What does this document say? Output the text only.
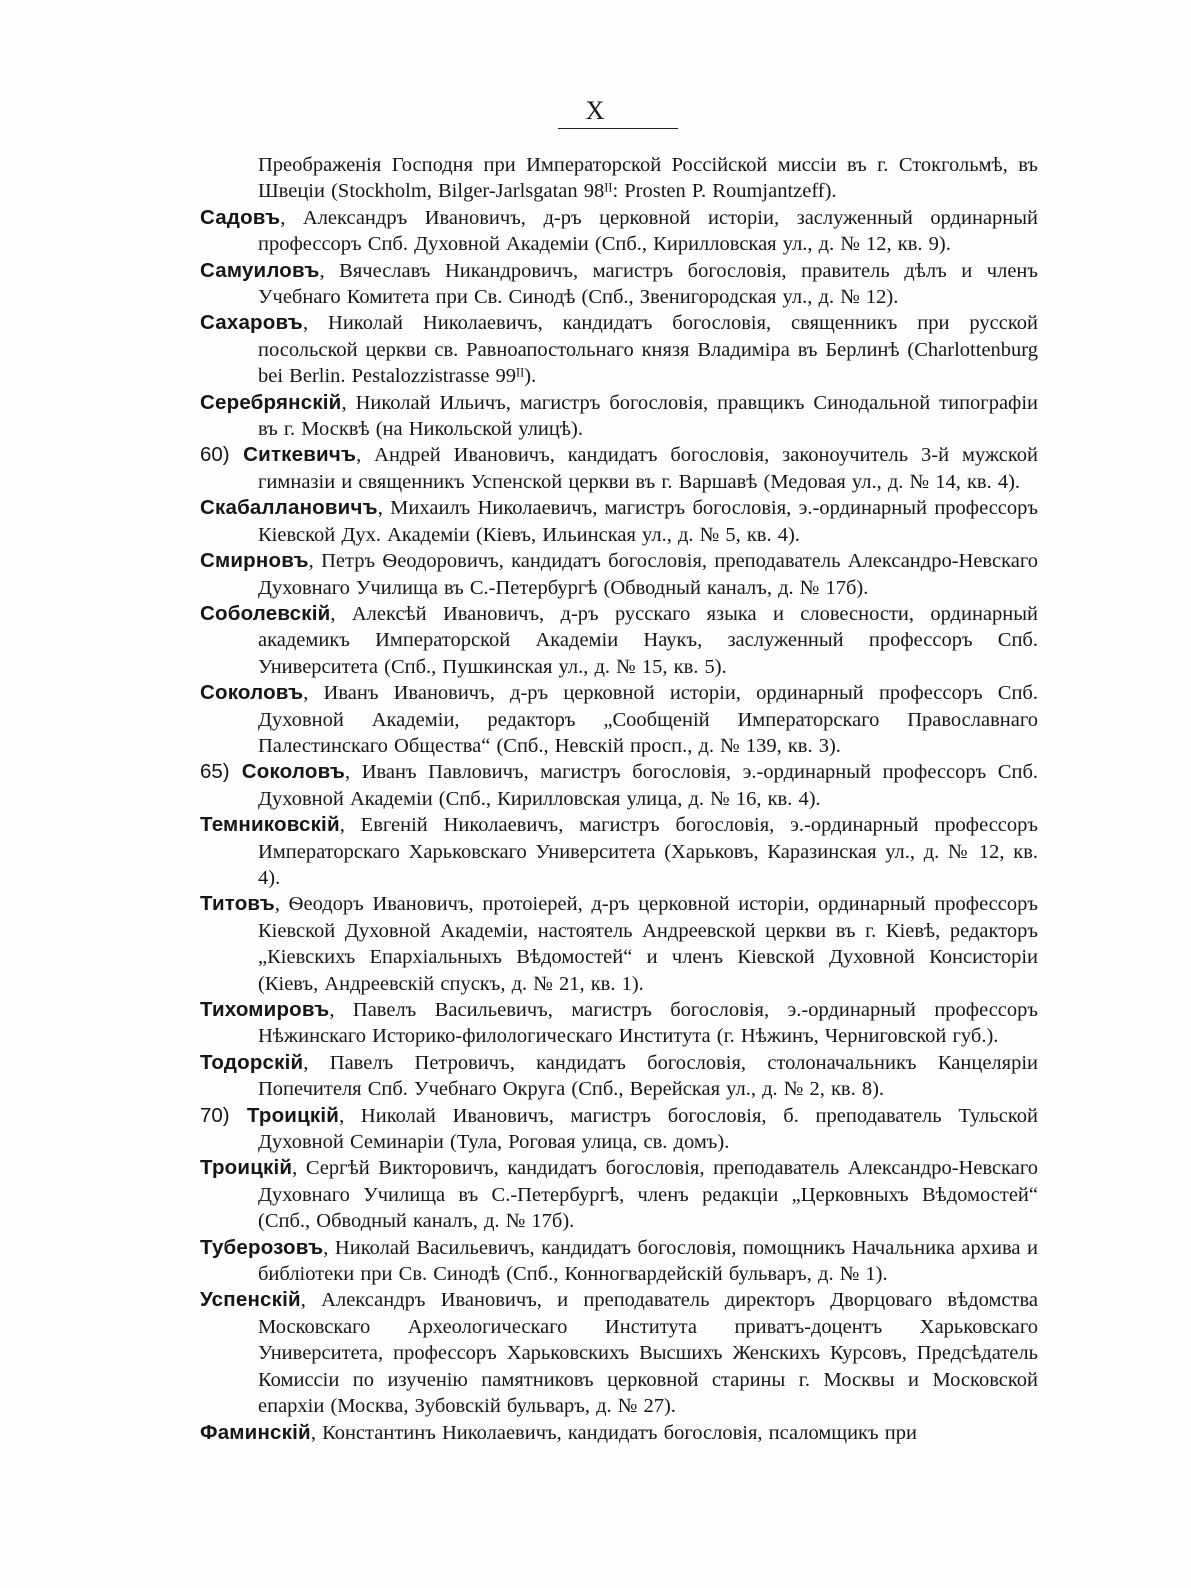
X
Преображенія Господня при Императорской Россійской миссіи въ г. Стокгольмѣ, въ Швеціи (Stockholm, Bilger-Jarlsgatan 98ᴵᴵ: Prosten P. Roumjantzeff).
Садовъ, Александръ Ивановичъ, д-ръ церковной исторіи, заслуженный ординарный профессоръ Спб. Духовной Академіи (Спб., Кирилловская ул., д. № 12, кв. 9).
Самуиловъ, Вячеславъ Никандровичъ, магистръ богословія, правитель дѣлъ и членъ Учебнаго Комитета при Св. Синодѣ (Спб., Звенигородская ул., д. № 12).
Сахаровъ, Николай Николаевичъ, кандидатъ богословія, священникъ при русской посольской церкви св. Равноапостольнаго князя Владиміра въ Берлинѣ (Charlottenburg bei Berlin. Pestalozzistrasse 99ᴵᴵ).
Серебрянскій, Николай Ильичъ, магистръ богословія, правщикъ Синодальной типографіи въ г. Москвѣ (на Никольской улицѣ).
60) Ситкевичъ, Андрей Ивановичъ, кандидатъ богословія, законоучитель 3-й мужской гимназіи и священникъ Успенской церкви въ г. Варшавѣ (Медовая ул., д. № 14, кв. 4).
Скабаллановичъ, Михаилъ Николаевичъ, магистръ богословія, э.-ординарный профессоръ Кіевской Дух. Академіи (Кіевъ, Ильинская ул., д. № 5, кв. 4).
Смирновъ, Петръ Ѳеодоровичъ, кандидатъ богословія, преподаватель Александро-Невскаго Духовнаго Училища въ С.-Петербургѣ (Обводный каналъ, д. № 17б).
Соболевскій, Алексѣй Ивановичъ, д-ръ русскаго языка и словесности, ординарный академикъ Императорской Академіи Наукъ, заслуженный профессоръ Спб. Университета (Спб., Пушкинская ул., д. № 15, кв. 5).
Соколовъ, Иванъ Ивановичъ, д-ръ церковной исторіи, ординарный профессоръ Спб. Духовной Академіи, редакторъ „Сообщеній Императорскаго Православнаго Палестинскаго Общества“ (Спб., Невскій просп., д. № 139, кв. 3).
65) Соколовъ, Иванъ Павловичъ, магистръ богословія, э.-ординарный профессоръ Спб. Духовной Академіи (Спб., Кирилловская улица, д. № 16, кв. 4).
Темниковскій, Евгеній Николаевичъ, магистръ богословія, э.-ординарный профессоръ Императорскаго Харьковскаго Университета (Харьковъ, Каразинская ул., д. № 12, кв. 4).
Титовъ, Ѳеодоръ Ивановичъ, протоіерей, д-ръ церковной исторіи, ординарный профессоръ Кіевской Духовной Академіи, настоятель Андреевской церкви въ г. Кіевѣ, редакторъ „Кіевскихъ Епархіальныхъ Вѣдомостей“ и членъ Кіевской Духовной Консисторіи (Кіевъ, Андреевскій спускъ, д. № 21, кв. 1).
Тихомировъ, Павелъ Васильевичъ, магистръ богословія, э.-ординарный профессоръ Нѣжинскаго Историко-филологическаго Института (г. Нѣжинъ, Черниговской губ.).
Тодорскій, Павелъ Петровичъ, кандидатъ богословія, столоначальникъ Канцеляріи Попечителя Спб. Учебнаго Округа (Спб., Верейская ул., д. № 2, кв. 8).
70) Троицкій, Николай Ивановичъ, магистръ богословія, б. преподаватель Тульской Духовной Семинаріи (Тула, Роговая улица, св. домъ).
Троицкій, Сергѣй Викторовичъ, кандидатъ богословія, преподаватель Александро-Невскаго Духовнаго Училища въ С.-Петербургѣ, членъ редакціи „Церковныхъ Вѣдомостей“ (Спб., Обводный каналъ, д. № 17б).
Туберозовъ, Николай Васильевичъ, кандидатъ богословія, помощникъ Начальника архива и библіотеки при Св. Синодѣ (Спб., Конногвардейскій бульваръ, д. № 1).
Успенскій, Александръ Ивановичъ, и преподаватель директоръ Дворцоваго вѣдомства Московскаго Археологическаго Института приватъ-доцентъ Харьковскаго Университета, профессоръ Харьковскихъ Высшихъ Женскихъ Курсовъ, Предсѣдатель Комиссіи по изученію памятниковъ церковной старины г. Москвы и Московской епархіи (Москва, Зубовскій бульваръ, д. № 27).
Фаминскій, Константинъ Николаевичъ, кандидатъ богословія, псаломщикъ при
